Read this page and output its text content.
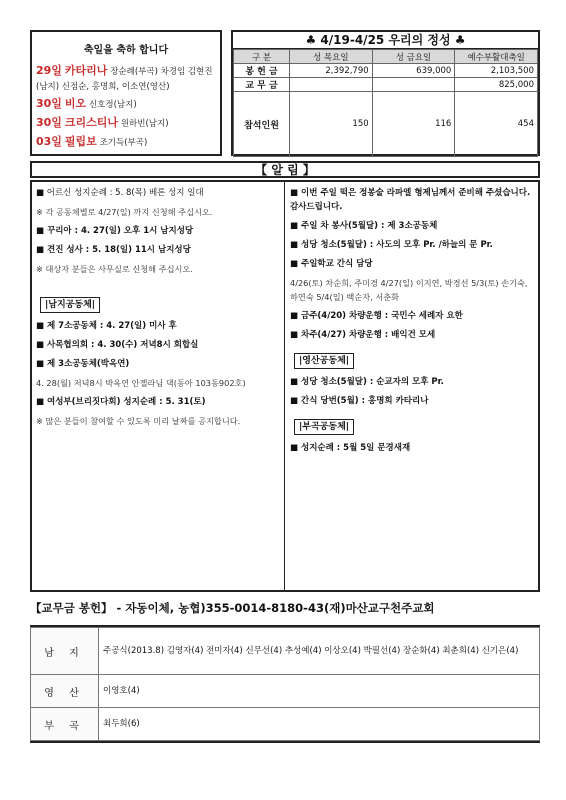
축일을 축하 합니다
29일 카타리나 장순례(부곡) 차경임 김현진(남지) 신점순, 홍명희, 이소연(영산)
30일 비오 신호정(남지)
30일 크리스티나 원하빈(남지)
03일 필립보 조기득(부곡)
♣ 4/19-4/25 우리의 정성 ♣
구 분	성 목요일	성 금요일	예수부활대축일
봉 헌 금	2,392,790	639,000	2,103,500
교 무 금			825,000
참석인원	150	116	454
【 알 림 】
■ 어르신 성지순례 : 5. 8(목) 베론 성지 일대
※ 각 공동체별로 4/27(일) 까지 신청해 주십시오.
■ 꾸리아 : 4. 27(일) 오후 1시 남지성당
■ 견진 성사 : 5. 18(일) 11시 남지성당
※ 대상자 분들은 사무실로 신청해 주십시오.
|남지공동체|
■ 제 7소공동체 : 4. 27(일) 미사 후
■ 사목협의회 : 4. 30(수) 저녁8시 회합실
■ 제 3소공동체(박옥연)
4. 28(월) 저녁8시 박옥연 안젤라님 댁(동아 103동902호)
■ 여성부(브리짓다회) 성지순례 : 5. 31(토)
※ 많은 분들이 참여할 수 있도록 미리 날짜를 공지합니다.
■ 이번 주일 떡은 정봉술 라파엘 형제님께서 준비해 주셨습니다. 감사드립니다.
■ 주일 차 봉사(5월달) : 제 3소공동체
■ 성당 청소(5월달) : 사도의 모후 Pr. /하늘의 문 Pr.
■ 주일학교 간식 담당
4/26(토) 차순희, 주미경 4/27(일) 이지연, 박경선 5/3(토) 손기숙, 하연숙 5/4(일) 백순자, 서춘화
■ 금주(4/20) 차량운행 : 국민수 세례자 요한
■ 차주(4/27) 차량운행 : 배익건 모세
|영산공동체|
■ 성당 청소(5월달) : 순교자의 모후 Pr.
■ 간식 당번(5월) : 홍명희 카타리나
|부곡공동체|
■ 성지순례 : 5월 5일 문경새재
【교무금 봉헌】 - 자동이체, 농협)355-0014-8180-43(재)마산교구천주교회
남 지	주공식(2013.8) 김영자(4) 전미자(4) 신무선(4) 추성예(4) 이상오(4) 박필선(4) 장순화(4) 최춘희(4) 신기은(4)
영 산	이영호(4)
부 곡	최두희(6)
